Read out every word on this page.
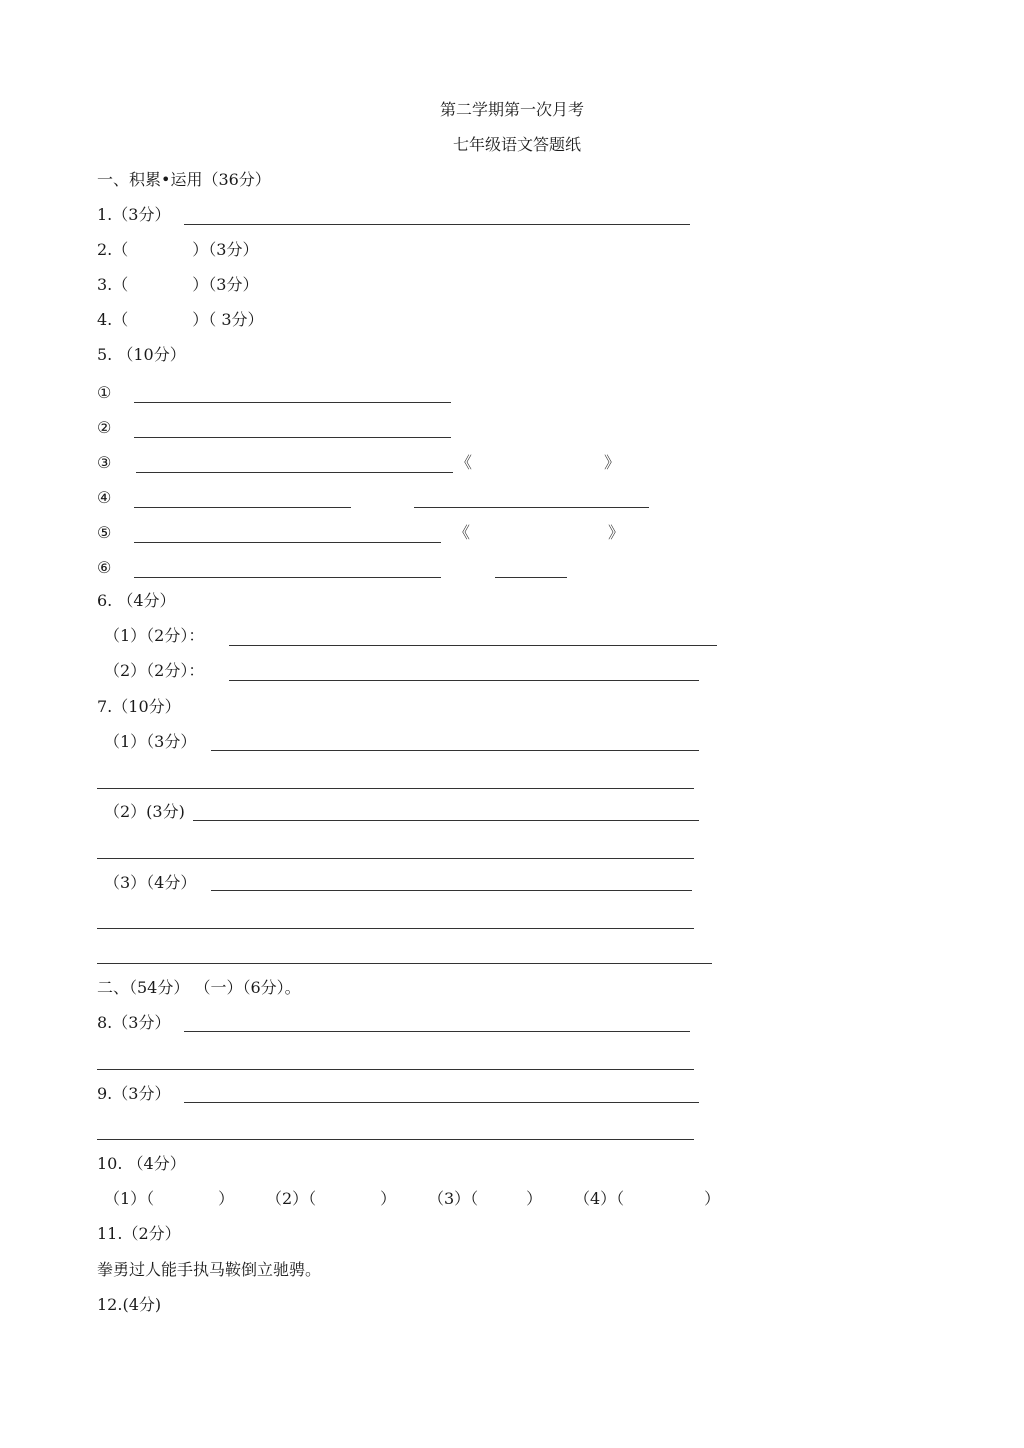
第二学期第一次月考
七年级语文答题纸
一、积累•运用（36分）
1.（3分）
2.（　　　　）（3分）
3.（　　　　）（3分）
4.（　　　　）（ 3分）
5. （10分）
①
②
③	《	》
④
⑤	《	》
⑥
6. （4分）
（1）（2分）：
（2）（2分）：
7.（10分）
（1）（3分）
（2）(3分)
（3）（4分）
二、（54分） （一）（6分）。
8.（3分）
9.（3分）
10. （4分）
（1）（　　　　） （2）（　　　　） （3）（　　　） （4）（　　　　　）
11.（2分）
拳勇过人能手执马鞍倒立驰骋。
12.(4分)
